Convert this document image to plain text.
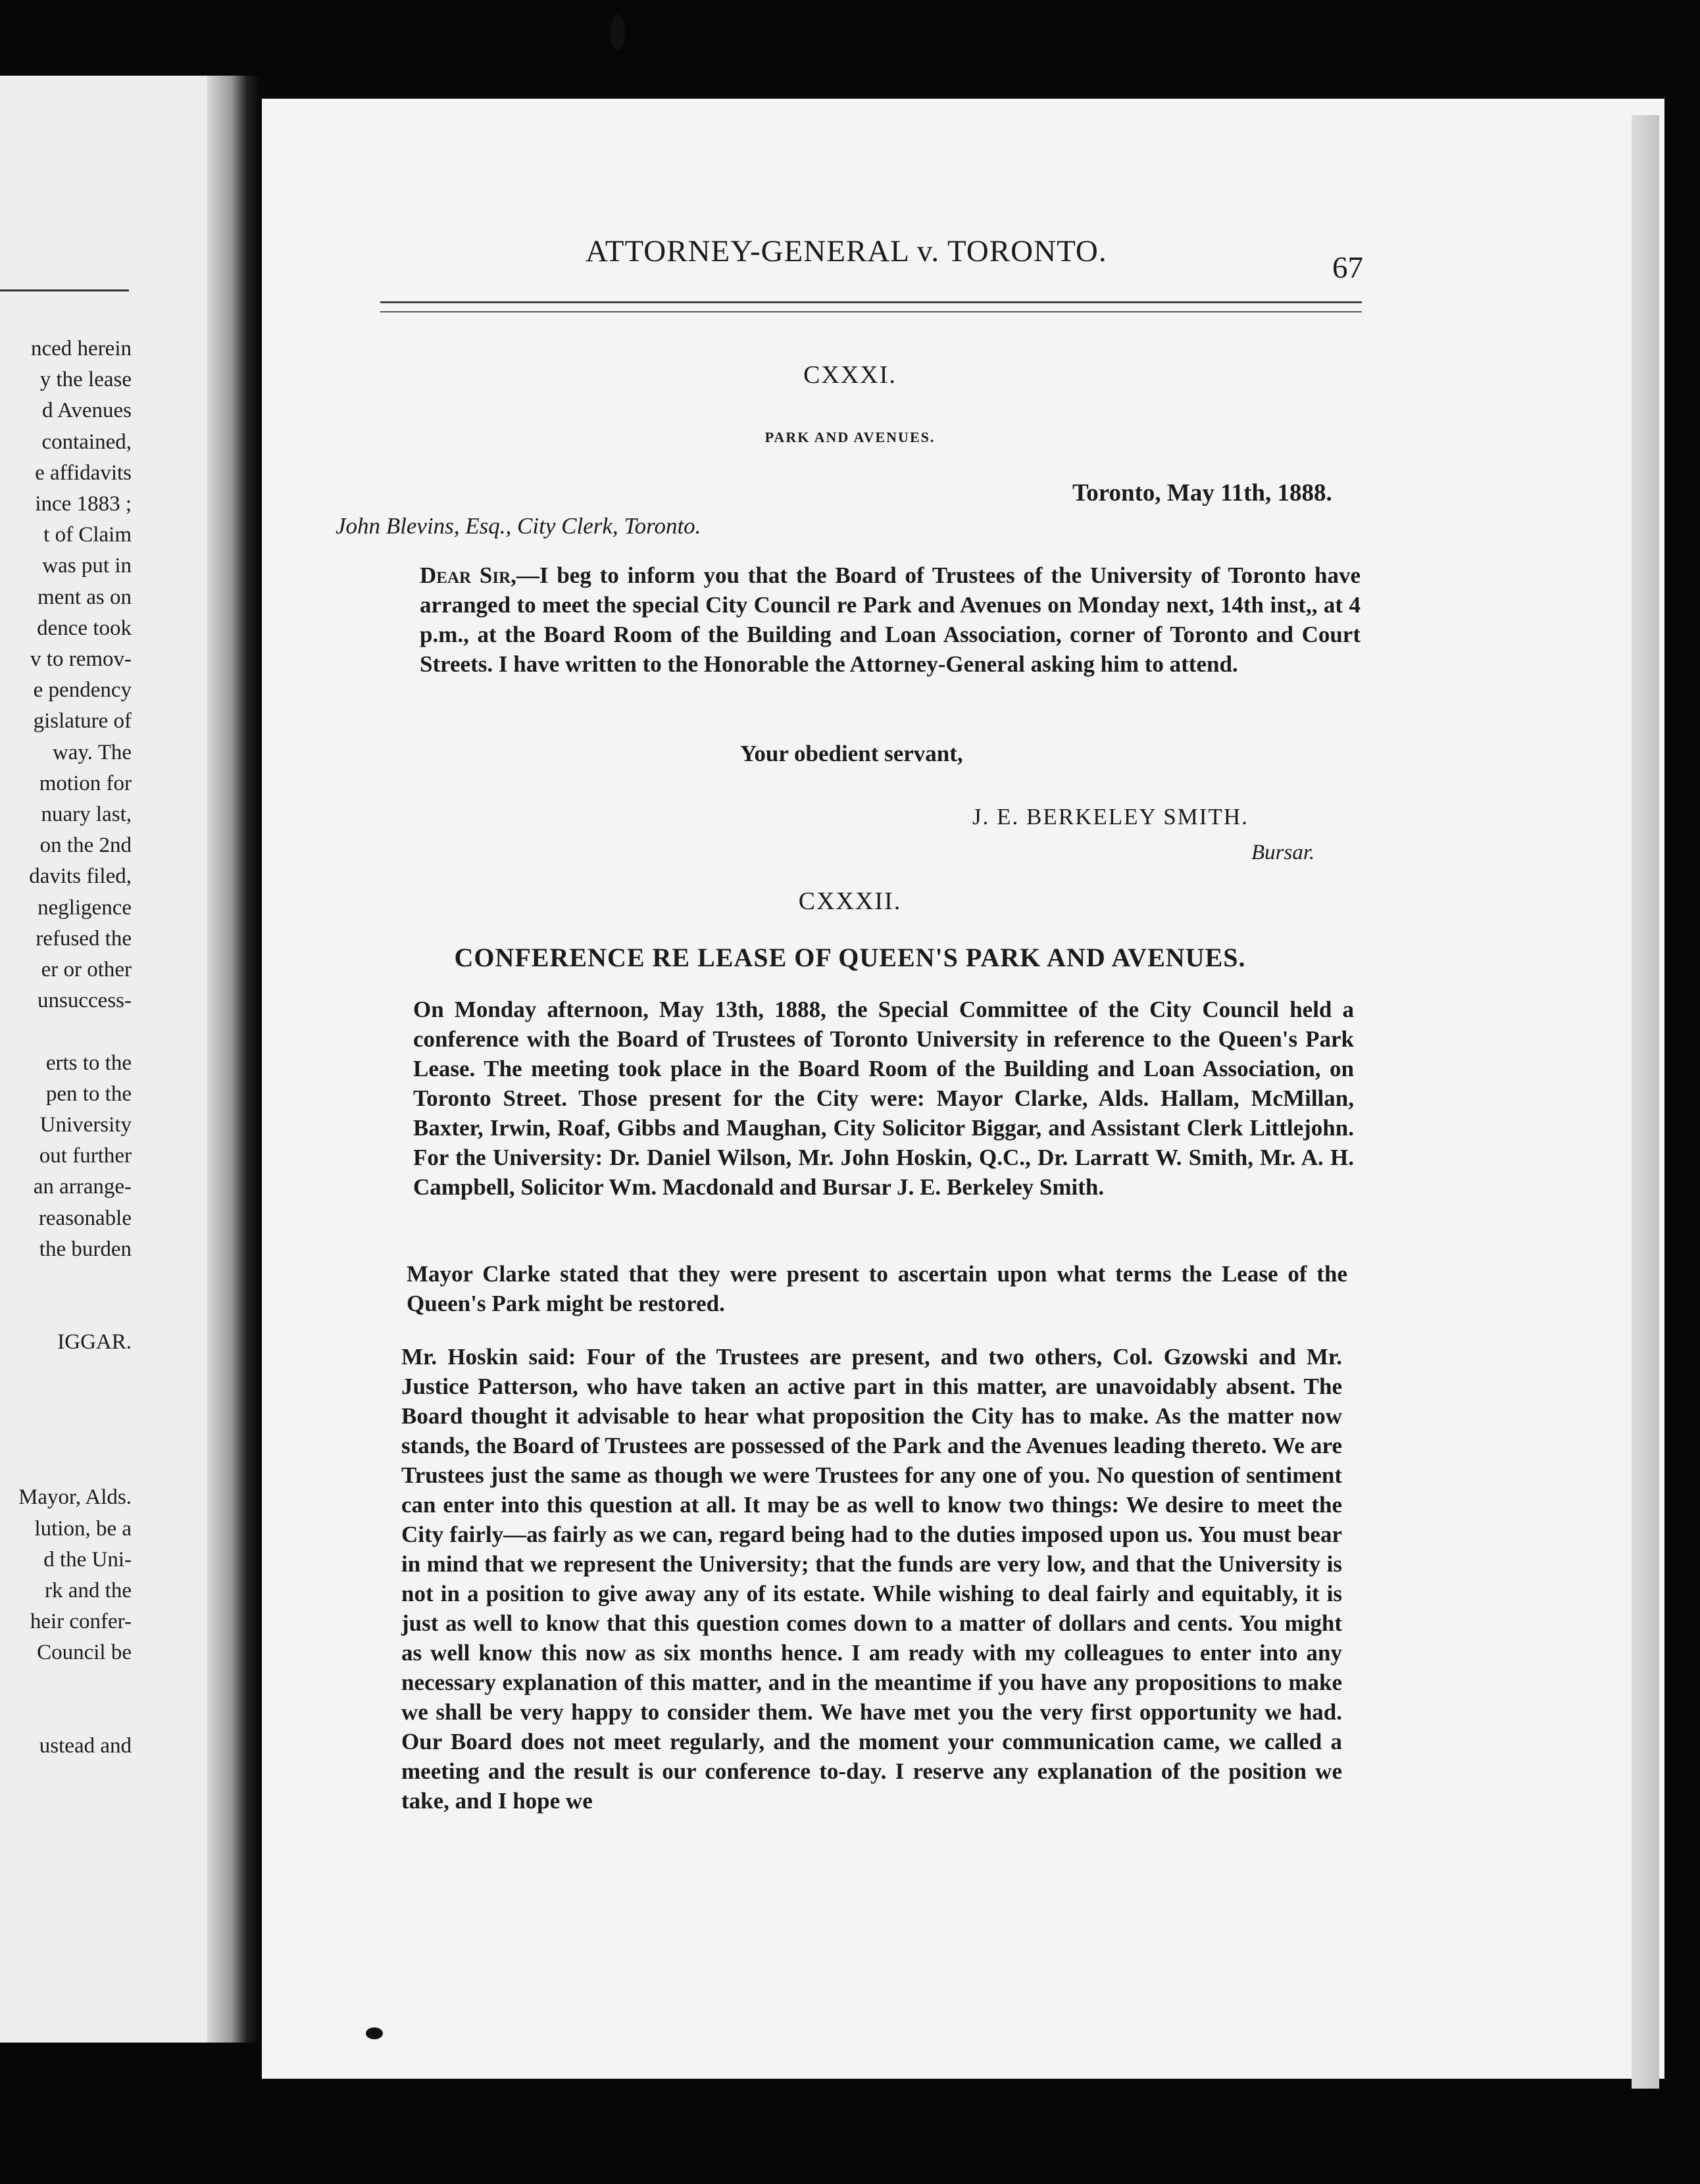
nced herein
y the lease
d Avenues
contained,
e affidavits
ince 1883 ;
t of Claim
was put in
ment as on
dence took
v to remov-
e pendency
gislature of
way. The
motion for
nuary last,
on the 2nd
davits filed,
negligence
refused the
er or other
unsuccess-
erts to the
pen to the
University
out further
an arrange-
reasonable
the burden
IGGAR.
Mayor, Alds.
lution, be a
d the Uni-
rk and the
heir confer-
Council be
ustead and
ATTORNEY-GENERAL v. TORONTO.	67
CXXXI.
PARK AND AVENUES.
Toronto, May 11th, 1888.
John Blevins, Esq., City Clerk, Toronto.

Dear Sir,—I beg to inform you that the Board of Trustees of the University of Toronto have arranged to meet the special City Council re Park and Avenues on Monday next, 14th inst,, at 4 p.m., at the Board Room of the Building and Loan Association, corner of Toronto and Court Streets. I have written to the Honorable the Attorney-General asking him to attend.

Your obedient servant,
J. E. BERKELEY SMITH.
Bursar.
CXXXII.
CONFERENCE RE LEASE OF QUEEN'S PARK AND AVENUES.

On Monday afternoon, May 13th, 1888, the Special Committee of the City Council held a conference with the Board of Trustees of Toronto University in reference to the Queen's Park Lease. The meeting took place in the Board Room of the Building and Loan Association, on Toronto Street. Those present for the City were: Mayor Clarke, Alds. Hallam, McMillan, Baxter, Irwin, Roaf, Gibbs and Maughan, City Solicitor Biggar, and Assistant Clerk Littlejohn. For the University: Dr. Daniel Wilson, Mr. John Hoskin, Q.C., Dr. Larratt W. Smith, Mr. A. H. Campbell, Solicitor Wm. Macdonald and Bursar J. E. Berkeley Smith.

Mayor Clarke stated that they were present to ascertain upon what terms the Lease of the Queen's Park might be restored.

Mr. Hoskin said: Four of the Trustees are present, and two others, Col. Gzowski and Mr. Justice Patterson, who have taken an active part in this matter, are unavoidably absent. The Board thought it advisable to hear what proposition the City has to make. As the matter now stands, the Board of Trustees are possessed of the Park and the Avenues leading thereto. We are Trustees just the same as though we were Trustees for any one of you. No question of sentiment can enter into this question at all. It may be as well to know two things: We desire to meet the City fairly—as fairly as we can, regard being had to the duties imposed upon us. You must bear in mind that we represent the University; that the funds are very low, and that the University is not in a position to give away any of its estate. While wishing to deal fairly and equitably, it is just as well to know that this question comes down to a matter of dollars and cents. You might as well know this now as six months hence. I am ready with my colleagues to enter into any necessary explanation of this matter, and in the meantime if you have any propositions to make we shall be very happy to consider them. We have met you the very first opportunity we had. Our Board does not meet regularly, and the moment your communication came, we called a meeting and the result is our conference to-day. I reserve any explanation of the position we take, and I hope we
